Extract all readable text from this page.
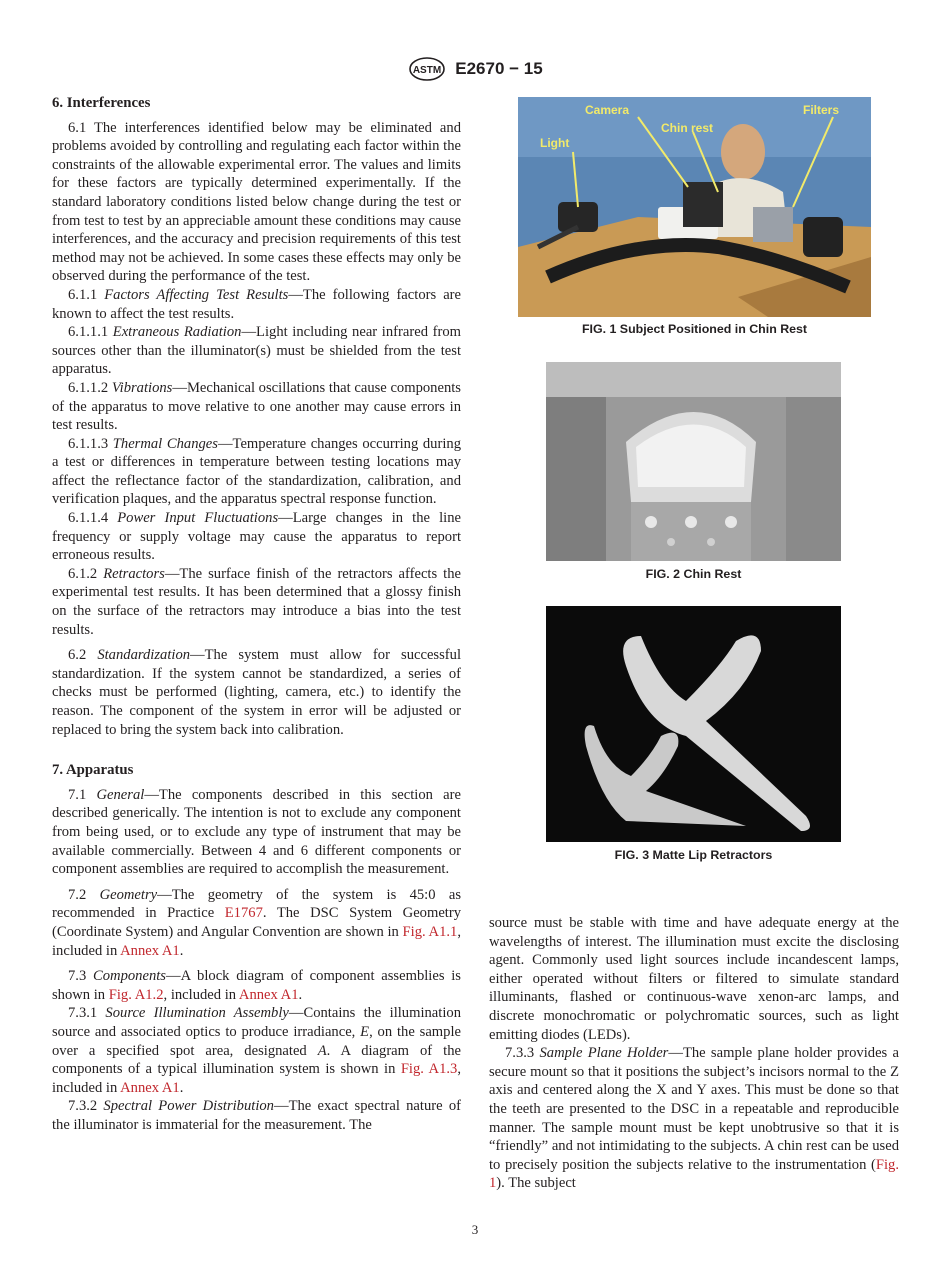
ASTM E2670 − 15

6. Interferences

6.1 The interferences identified below may be eliminated and problems avoided by controlling and regulating each factor within the constraints of the allowable experimental error. The values and limits for these factors are typically determined experimentally. If the standard laboratory conditions listed below change during the test or from test to test by an appreciable amount these conditions may cause interferences, and the accuracy and precision requirements of this test method may not be achieved. In some cases these effects may only be observed during the performance of the test.

6.1.1 Factors Affecting Test Results—The following factors are known to affect the test results.

6.1.1.1 Extraneous Radiation—Light including near infrared from sources other than the illuminator(s) must be shielded from the test apparatus.

6.1.1.2 Vibrations—Mechanical oscillations that cause components of the apparatus to move relative to one another may cause errors in test results.

6.1.1.3 Thermal Changes—Temperature changes occurring during a test or differences in temperature between testing locations may affect the reflectance factor of the standardization, calibration, and verification plaques, and the apparatus spectral response function.

6.1.1.4 Power Input Fluctuations—Large changes in the line frequency or supply voltage may cause the apparatus to report erroneous results.

6.1.2 Retractors—The surface finish of the retractors affects the experimental test results. It has been determined that a glossy finish on the surface of the retractors may introduce a bias into the test results.

6.2 Standardization—The system must allow for successful standardization. If the system cannot be standardized, a series of checks must be performed (lighting, camera, etc.) to identify the reason. The component of the system in error will be adjusted or replaced to bring the system back into calibration.

7. Apparatus

7.1 General—The components described in this section are described generically. The intention is not to exclude any component from being used, or to exclude any type of instrument that may be available commercially. Between 4 and 6 different components or component assemblies are required to accomplish the measurement.

7.2 Geometry—The geometry of the system is 45:0 as recommended in Practice E1767. The DSC System Geometry (Coordinate System) and Angular Convention are shown in Fig. A1.1, included in Annex A1.

7.3 Components—A block diagram of component assemblies is shown in Fig. A1.2, included in Annex A1.

7.3.1 Source Illumination Assembly—Contains the illumination source and associated optics to produce irradiance, E, on the sample over a specified spot area, designated A. A diagram of the components of a typical illumination system is shown in Fig. A1.3, included in Annex A1.

7.3.2 Spectral Power Distribution—The exact spectral nature of the illuminator is immaterial for the measurement. The

Camera
Chin rest
Filters
Light
FIG. 1 Subject Positioned in Chin Rest
FIG. 2 Chin Rest
FIG. 3 Matte Lip Retractors

source must be stable with time and have adequate energy at the wavelengths of interest. The illumination must excite the disclosing agent. Commonly used light sources include incandescent lamps, either operated without filters or filtered to simulate standard illuminants, flashed or continuous-wave xenon-arc lamps, and discrete monochromatic or polychromatic sources, such as light emitting diodes (LEDs).

7.3.3 Sample Plane Holder—The sample plane holder provides a secure mount so that it positions the subject’s incisors normal to the Z axis and centered along the X and Y axes. This must be done so that the teeth are presented to the DSC in a repeatable and reproducible manner. The sample mount must be kept unobtrusive so that it is “friendly” and not intimidating to the subjects. A chin rest can be used to precisely position the subjects relative to the instrumentation (Fig. 1). The subject

3
